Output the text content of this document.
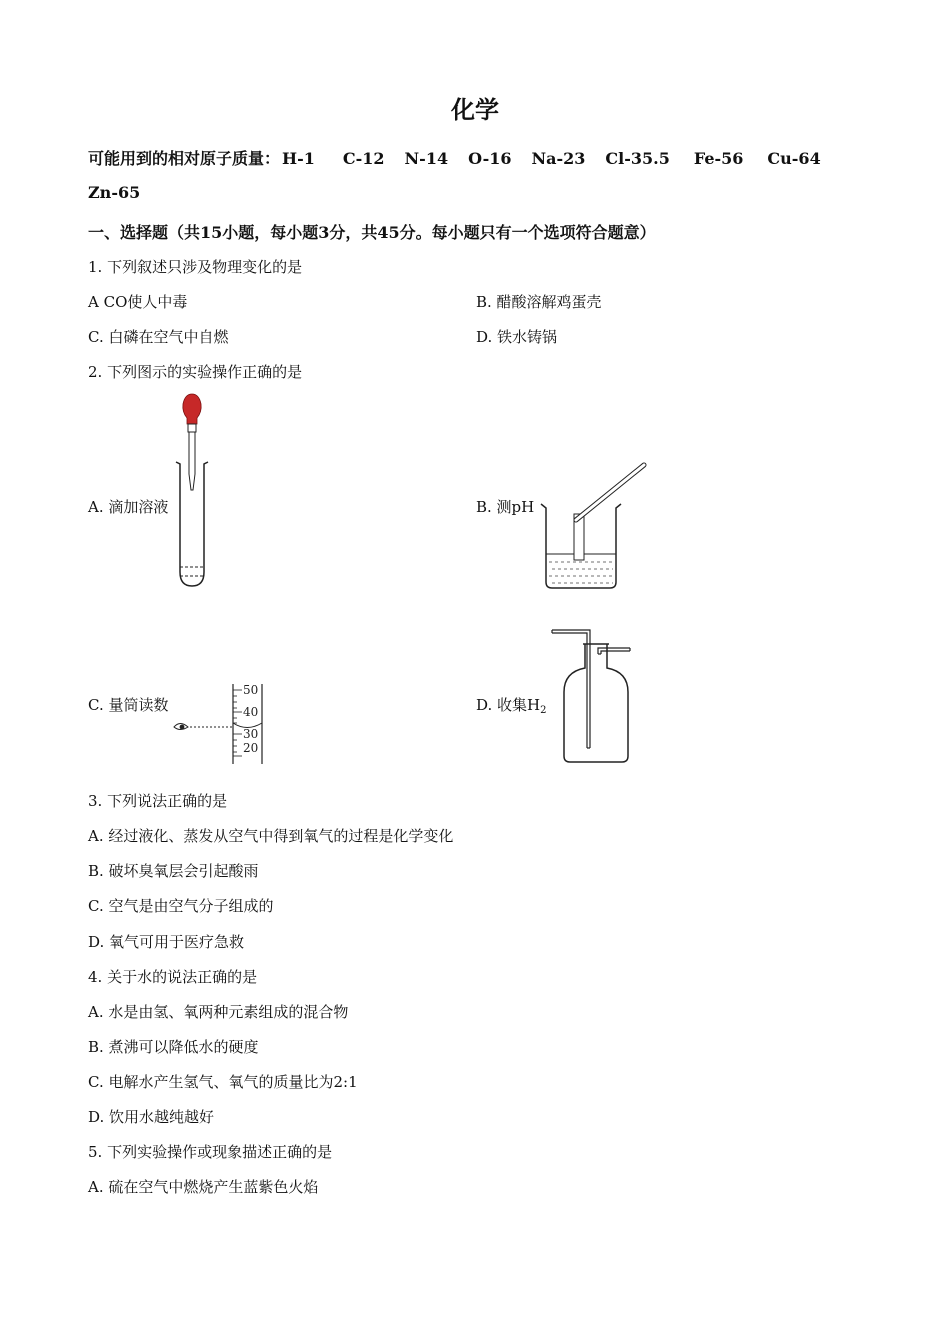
化学
可能用到的相对原子质量： H-1 C-12 N-14 O-16 Na-23 Cl-35.5 Fe-56 Cu-64
Zn-65
一、选择题（共15小题，每小题3分，共45分。每小题只有一个选项符合题意）
1. 下列叙述只涉及物理变化的是
A CO使人中毒	B. 醋酸溶解鸡蛋壳
C. 白磷在空气中自燃	D. 铁水铸锅
2. 下列图示的实验操作正确的是
A. 滴加溶液	B. 测pH
C. 量筒读数
50
40
30
20
D. 收集$H_2$
3. 下列说法正确的是
A. 经过液化、蒸发从空气中得到氧气的过程是化学变化
B. 破坏臭氧层会引起酸雨
C. 空气是由空气分子组成的
D. 氧气可用于医疗急救
4. 关于水的说法正确的是
A. 水是由氢、氧两种元素组成的混合物
B. 煮沸可以降低水的硬度
C. 电解水产生氢气、氧气的质量比为2:1
D. 饮用水越纯越好
5. 下列实验操作或现象描述正确的是
A. 硫在空气中燃烧产生蓝紫色火焰
